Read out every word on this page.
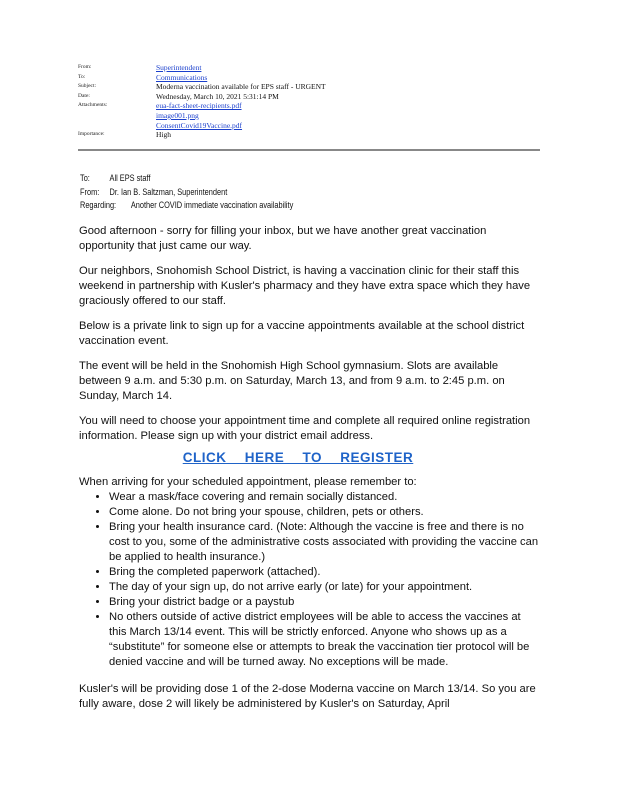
From:	Superintendent
To:	Communications
Subject:	Moderna vaccination available for EPS staff - URGENT
Date:	Wednesday, March 10, 2021 5:31:14 PM
Attachments:	eua-fact-sheet-recipients.pdf
image001.png
ConsentCovid19Vaccine.pdf
Importance:	High
To:	All EPS staff
From:	Dr. Ian B. Saltzman, Superintendent
Regarding:	Another COVID immediate vaccination availability

Good afternoon - sorry for filling your inbox, but we have another great vaccination opportunity that just came our way.

Our neighbors, Snohomish School District, is having a vaccination clinic for their staff this weekend in partnership with Kusler's pharmacy and they have extra space which they have graciously offered to our staff.

Below is a private link to sign up for a vaccine appointments available at the school district vaccination event.

The event will be held in the Snohomish High School gymnasium. Slots are available between 9 a.m. and 5:30 p.m. on Saturday, March 13, and from 9 a.m. to 2:45 p.m. on Sunday, March 14.

You will need to choose your appointment time and complete all required online registration information. Please sign up with your district email address.

CLICK HERE TO REGISTER
When arriving for your scheduled appointment, please remember to:
• Wear a mask/face covering and remain socially distanced.
• Come alone. Do not bring your spouse, children, pets or others.
• Bring your health insurance card. (Note: Although the vaccine is free and there is no cost to you, some of the administrative costs associated with providing the vaccine can be applied to health insurance.)
• Bring the completed paperwork (attached).
• The day of your sign up, do not arrive early (or late) for your appointment.
• Bring your district badge or a paystub
• No others outside of active district employees will be able to access the vaccines at this March 13/14 event. This will be strictly enforced. Anyone who shows up as a “substitute” for someone else or attempts to break the vaccination tier protocol will be denied vaccine and will be turned away. No exceptions will be made.

Kusler's will be providing dose 1 of the 2-dose Moderna vaccine on March 13/14. So you are fully aware, dose 2 will likely be administered by Kusler's on Saturday, April
